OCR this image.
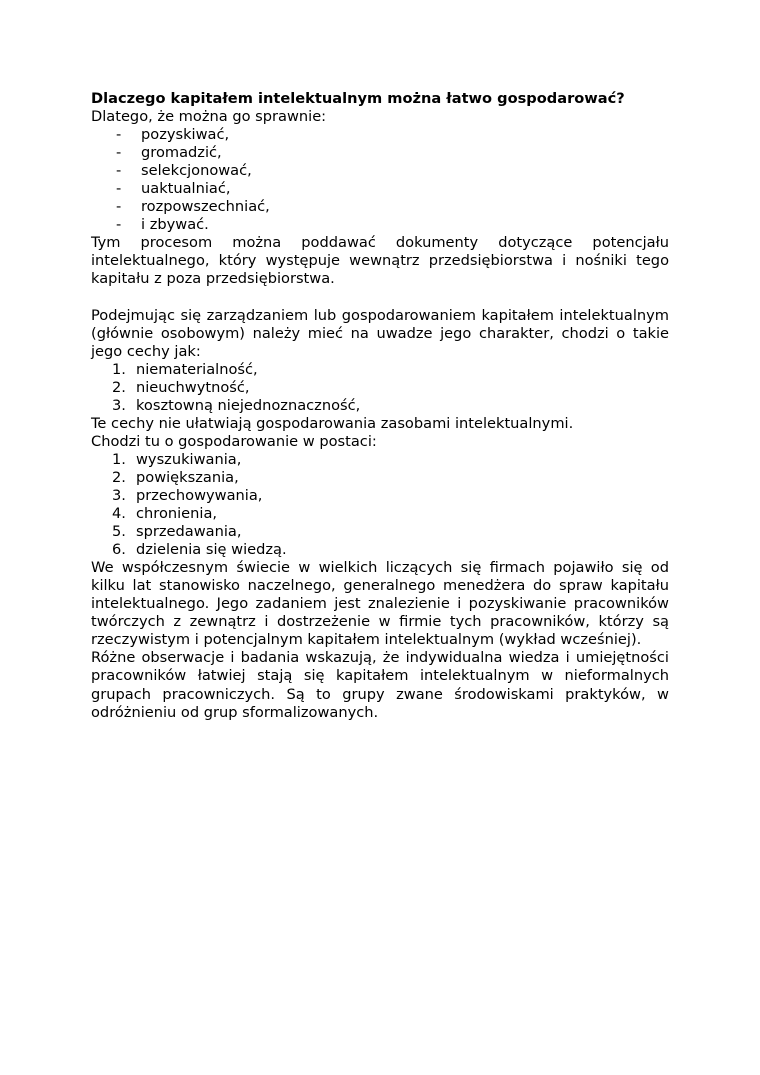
Dlaczego kapitałem intelektualnym można łatwo gospodarować?
Dlatego, że można go sprawnie:
- pozyskiwać,
- gromadzić,
- selekcjonować,
- uaktualniać,
- rozpowszechniać,
- i zbywać.
Tym procesom można poddawać dokumenty dotyczące potencjału intelektualnego, który występuje wewnątrz przedsiębiorstwa i nośniki tego kapitału z poza przedsiębiorstwa.
Podejmując się zarządzaniem lub gospodarowaniem kapitałem intelektualnym (głównie osobowym) należy mieć na uwadze jego charakter, chodzi o takie jego cechy jak:
1. niematerialność,
2. nieuchwytność,
3. kosztowną niejednoznaczność,
Te cechy nie ułatwiają gospodarowania zasobami intelektualnymi.
Chodzi tu o gospodarowanie w postaci:
1. wyszukiwania,
2. powiększania,
3. przechowywania,
4. chronienia,
5. sprzedawania,
6. dzielenia się wiedzą.
We współczesnym świecie w wielkich liczących się firmach pojawiło się od kilku lat stanowisko naczelnego, generalnego menedżera do spraw kapitału intelektualnego. Jego zadaniem jest znalezienie i pozyskiwanie pracowników twórczych z zewnątrz i dostrzeżenie w firmie tych pracowników, którzy są rzeczywistym i potencjalnym kapitałem intelektualnym (wykład wcześniej).
Różne obserwacje i badania wskazują, że indywidualna wiedza i umiejętności pracowników łatwiej stają się kapitałem intelektualnym w nieformalnych grupach pracowniczych. Są to grupy zwane środowiskami praktyków, w odróżnieniu od grup sformalizowanych.
